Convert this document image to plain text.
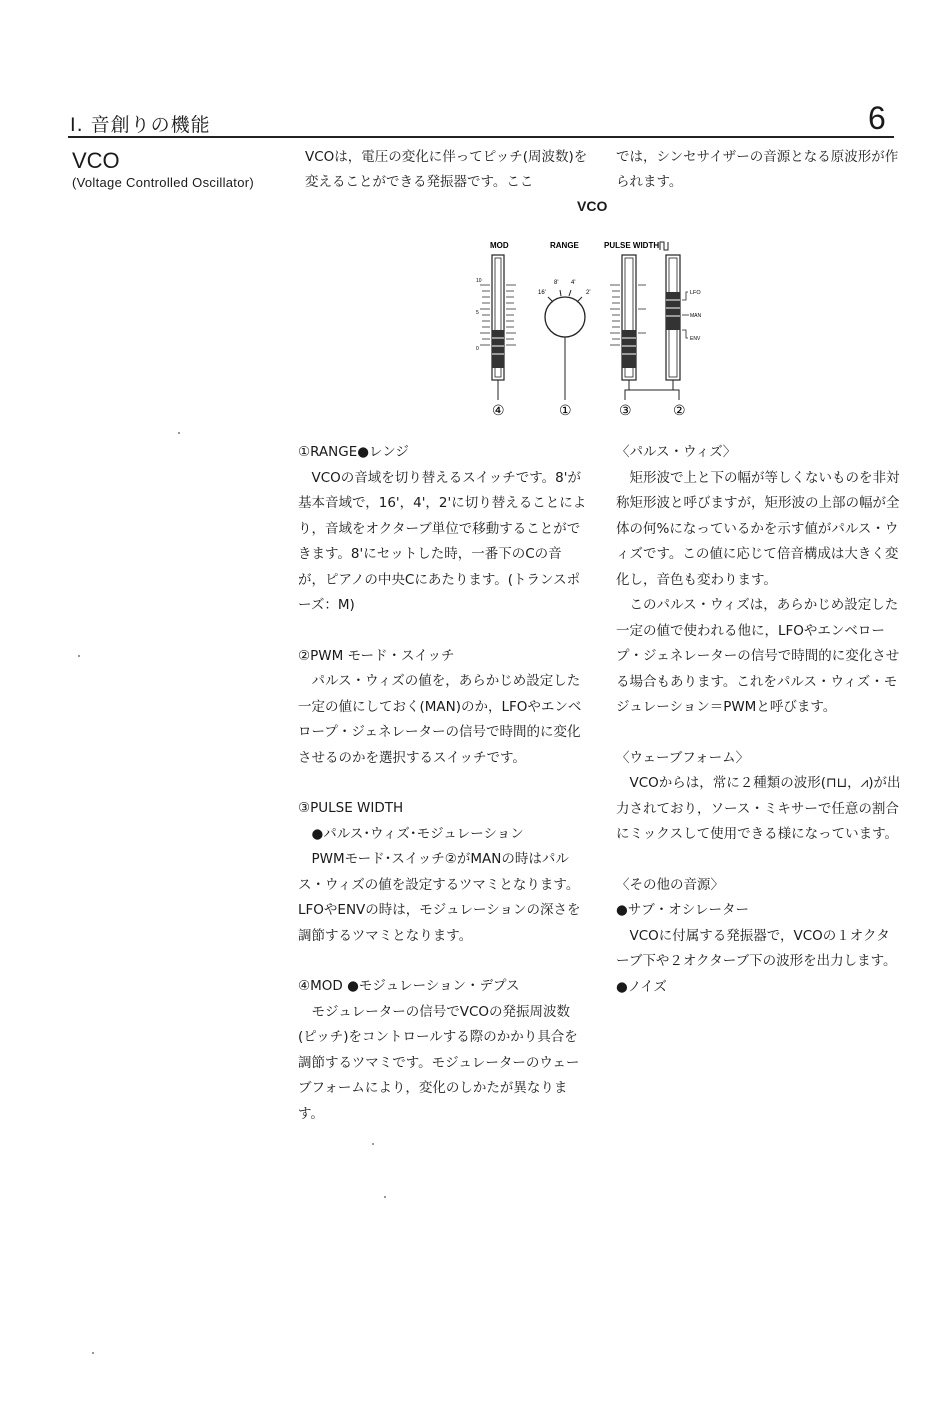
I. 音創りの機能	6
VCO
(Voltage Controlled Oscillator)
VCOは，電圧の変化に伴ってピッチ(周波数)を変えることができる発振器です。ここ
では，シンセサイザーの音源となる原波形が作られます。
VCO
MOD	RANGE	PULSE WIDTH
10
5
0
16'
8' 4'
2'	LFO
MAN
ENV
④	①	③	②
①RANGE●レンジ
VCOの音域を切り替えるスイッチです。8'が基本音域で，16'，4'，2'に切り替えることにより，音域をオクターブ単位で移動することができます。8'にセットした時，一番下のCの音が，ピアノの中央Cにあたります。(トランスポーズ：M)
②PWM モード・スイッチ
パルス・ウィズの値を，あらかじめ設定した一定の値にしておく(MAN)のか，LFOやエンベロープ・ジェネレーターの信号で時間的に変化させるのかを選択するスイッチです。
③PULSE WIDTH
●パルス･ウィズ･モジュレーション
PWMモード･スイッチ②がMANの時はパルス・ウィズの値を設定するツマミとなります。LFOやENVの時は，モジュレーションの深さを調節するツマミとなります。
④MOD ●モジュレーション・デプス
モジュレーターの信号でVCOの発振周波数(ピッチ)をコントロールする際のかかり具合を調節するツマミです。モジュレーターのウェーブフォームにより，変化のしかたが異なります。
〈パルス・ウィズ〉
矩形波で上と下の幅が等しくないものを非対称矩形波と呼びますが，矩形波の上部の幅が全体の何%になっているかを示す値がパルス・ウィズです。この値に応じて倍音構成は大きく変化し，音色も変わります。
このパルス・ウィズは，あらかじめ設定した一定の値で使われる他に，LFOやエンベロープ・ジェネレーターの信号で時間的に変化させる場合もあります。これをパルス・ウィズ・モジュレーション＝PWMと呼びます。
〈ウェーブフォーム〉
VCOからは，常に２種類の波形(⊓⊔，⩘)が出力されており，ソース・ミキサーで任意の割合にミックスして使用できる様になっています。
〈その他の音源〉
●サブ・オシレーター
VCOに付属する発振器で，VCOの１オクターブ下や２オクターブ下の波形を出力します。
●ノイズ
